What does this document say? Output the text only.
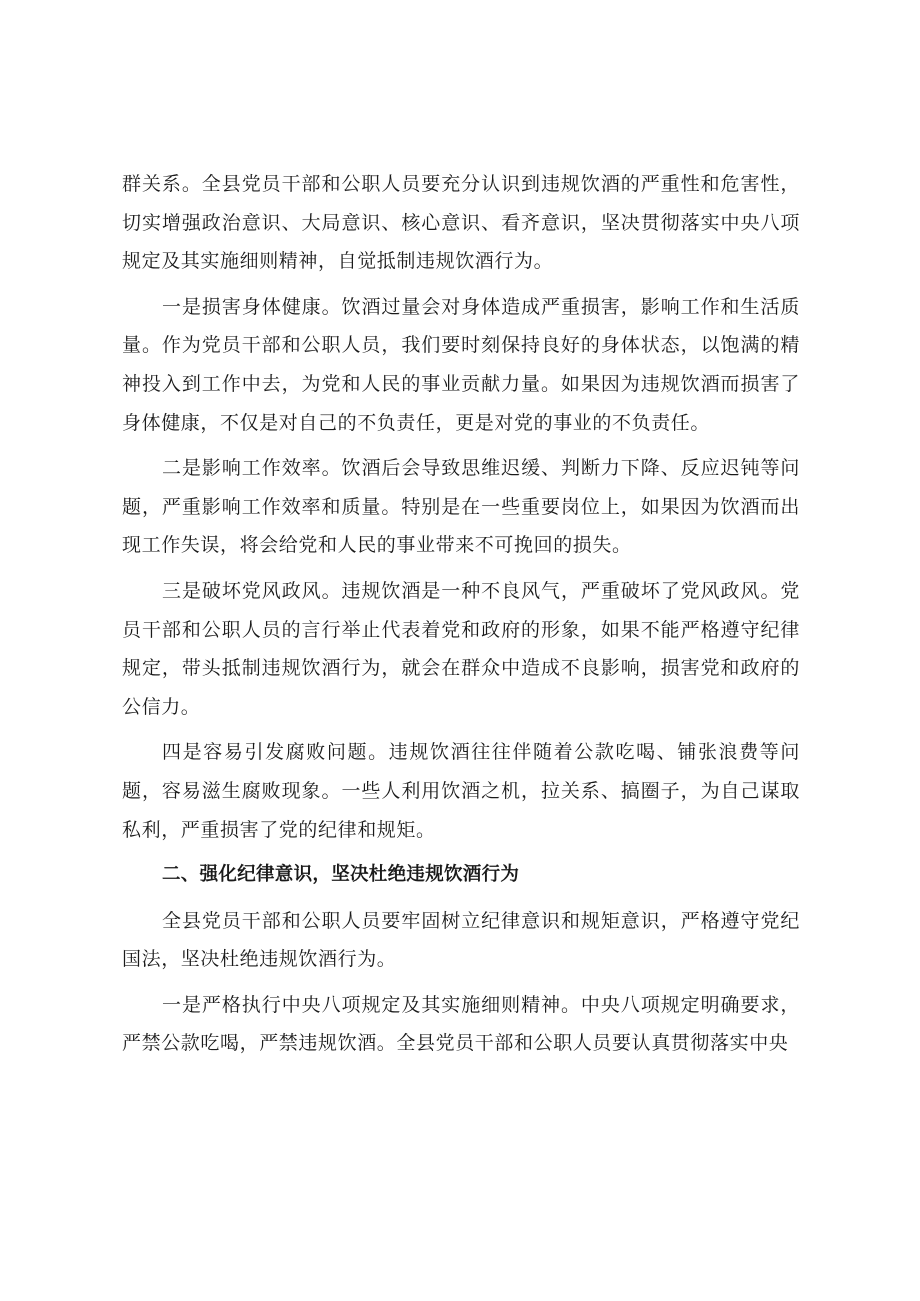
群关系。全县党员干部和公职人员要充分认识到违规饮酒的严重性和危害性，切实增强政治意识、大局意识、核心意识、看齐意识，坚决贯彻落实中央八项规定及其实施细则精神，自觉抵制违规饮酒行为。

一是损害身体健康。饮酒过量会对身体造成严重损害，影响工作和生活质量。作为党员干部和公职人员，我们要时刻保持良好的身体状态，以饱满的精神投入到工作中去，为党和人民的事业贡献力量。如果因为违规饮酒而损害了身体健康，不仅是对自己的不负责任，更是对党的事业的不负责任。

二是影响工作效率。饮酒后会导致思维迟缓、判断力下降、反应迟钝等问题，严重影响工作效率和质量。特别是在一些重要岗位上，如果因为饮酒而出现工作失误，将会给党和人民的事业带来不可挽回的损失。

三是破坏党风政风。违规饮酒是一种不良风气，严重破坏了党风政风。党员干部和公职人员的言行举止代表着党和政府的形象，如果不能严格遵守纪律规定，带头抵制违规饮酒行为，就会在群众中造成不良影响，损害党和政府的公信力。

四是容易引发腐败问题。违规饮酒往往伴随着公款吃喝、铺张浪费等问题，容易滋生腐败现象。一些人利用饮酒之机，拉关系、搞圈子，为自己谋取私利，严重损害了党的纪律和规矩。

二、强化纪律意识，坚决杜绝违规饮酒行为

全县党员干部和公职人员要牢固树立纪律意识和规矩意识，严格遵守党纪国法，坚决杜绝违规饮酒行为。

一是严格执行中央八项规定及其实施细则精神。中央八项规定明确要求，严禁公款吃喝，严禁违规饮酒。全县党员干部和公职人员要认真贯彻落实中央
